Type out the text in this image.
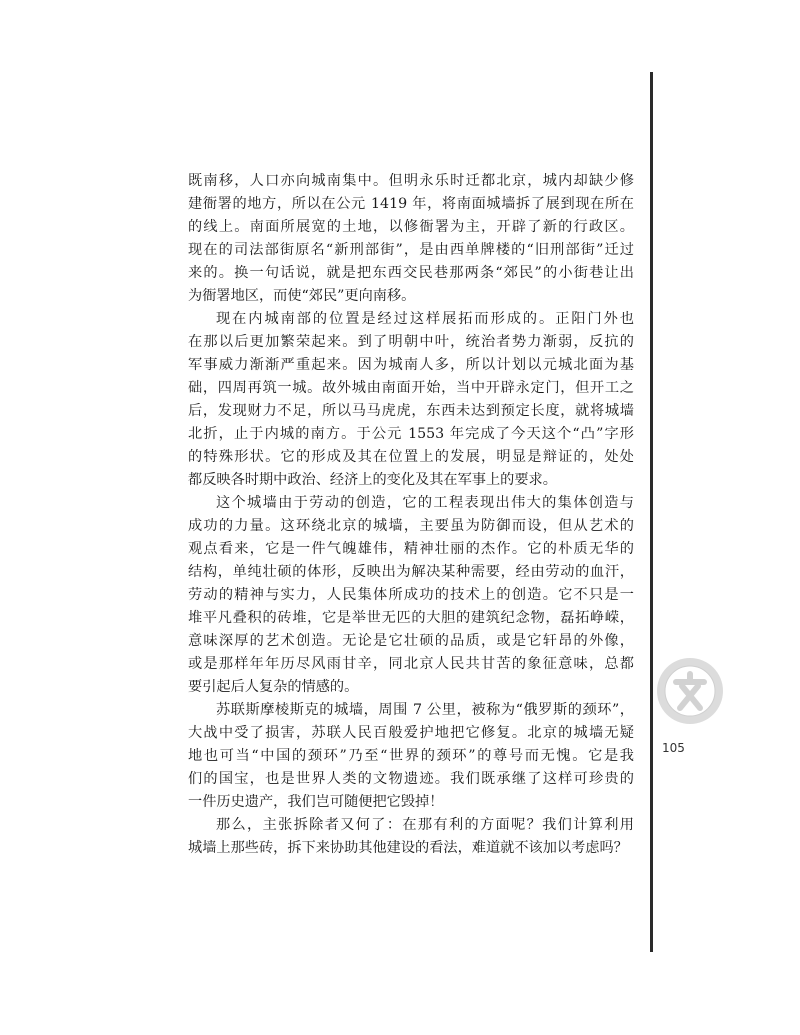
既南移，人口亦向城南集中。但明永乐时迁都北京，城内却缺少修
建衙署的地方，所以在公元 1419 年，将南面城墙拆了展到现在所在
的线上。南面所展宽的土地，以修衙署为主，开辟了新的行政区。
现在的司法部街原名“新刑部街”，是由西单牌楼的“旧刑部街”迁过
来的。换一句话说，就是把东西交民巷那两条“郊民”的小街巷让出
为衙署地区，而使“郊民”更向南移。
现在内城南部的位置是经过这样展拓而形成的。正阳门外也
在那以后更加繁荣起来。到了明朝中叶，统治者势力渐弱，反抗的
军事威力渐渐严重起来。因为城南人多，所以计划以元城北面为基
础，四周再筑一城。故外城由南面开始，当中开辟永定门，但开工之
后，发现财力不足，所以马马虎虎，东西未达到预定长度，就将城墙
北折，止于内城的南方。于公元 1553 年完成了今天这个“凸”字形
的特殊形状。它的形成及其在位置上的发展，明显是辩证的，处处
都反映各时期中政治、经济上的变化及其在军事上的要求。
这个城墙由于劳动的创造，它的工程表现出伟大的集体创造与
成功的力量。这环绕北京的城墙，主要虽为防御而设，但从艺术的
观点看来，它是一件气魄雄伟，精神壮丽的杰作。它的朴质无华的
结构，单纯壮硕的体形，反映出为解决某种需要，经由劳动的血汗，
劳动的精神与实力，人民集体所成功的技术上的创造。它不只是一
堆平凡叠积的砖堆，它是举世无匹的大胆的建筑纪念物，磊拓峥嵘，
意味深厚的艺术创造。无论是它壮硕的品质，或是它轩昂的外像，
或是那样年年历尽风雨甘辛，同北京人民共甘苦的象征意味，总都
要引起后人复杂的情感的。
苏联斯摩棱斯克的城墙，周围 7 公里，被称为“俄罗斯的颈环”，
大战中受了损害，苏联人民百般爱护地把它修复。北京的城墙无疑
地也可当“中国的颈环”乃至“世界的颈环”的尊号而无愧。它是我
们的国宝，也是世界人类的文物遗迹。我们既承继了这样可珍贵的
一件历史遗产，我们岂可随便把它毁掉！
那么，主张拆除者又何了：在那有利的方面呢？我们计算利用
城墙上那些砖，拆下来协助其他建设的看法，难道就不该加以考虑吗？
105
